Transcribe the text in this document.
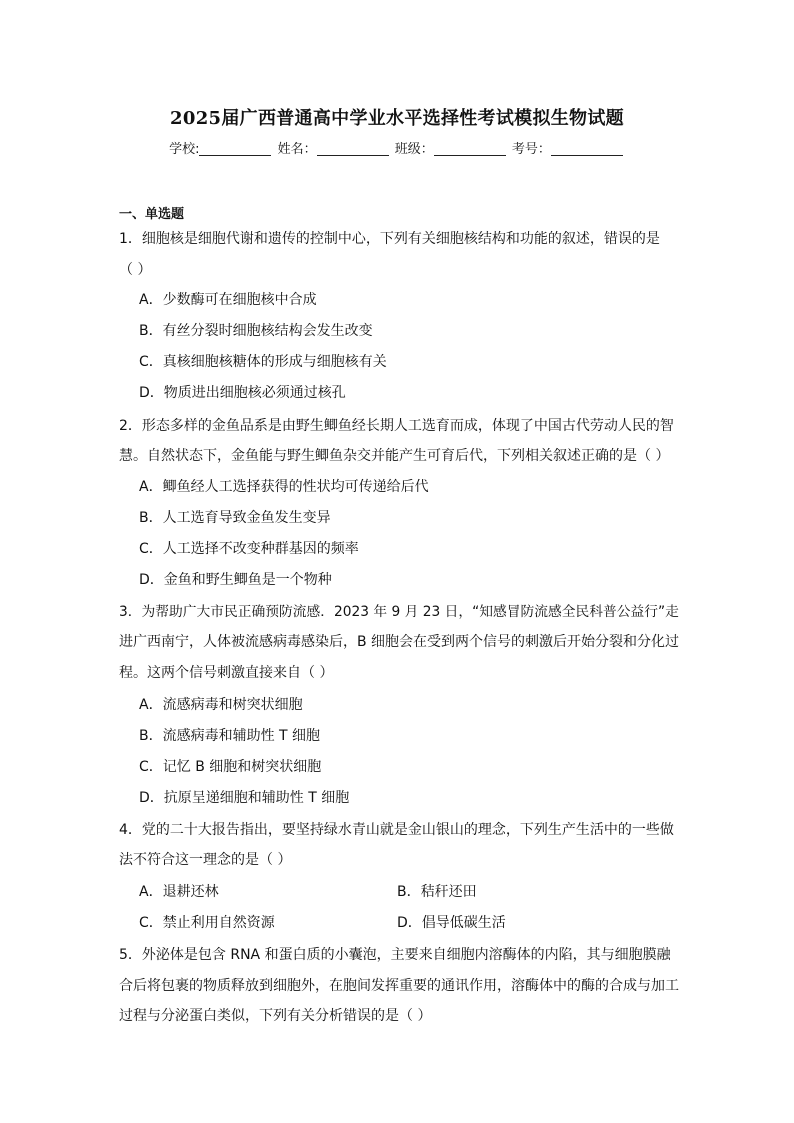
2025届广西普通高中学业水平选择性考试模拟生物试题
学校:	姓名：	班级：	考号：
一、单选题
1．细胞核是细胞代谢和遗传的控制中心，下列有关细胞核结构和功能的叙述，错误的是
（ ）
A．少数酶可在细胞核中合成
B．有丝分裂时细胞核结构会发生改变
C．真核细胞核糖体的形成与细胞核有关
D．物质进出细胞核必须通过核孔
2．形态多样的金鱼品系是由野生鲫鱼经长期人工选育而成，体现了中国古代劳动人民的智
慧。自然状态下，金鱼能与野生鲫鱼杂交并能产生可育后代，下列相关叙述正确的是（ ）
A．鲫鱼经人工选择获得的性状均可传递给后代
B．人工选育导致金鱼发生变异
C．人工选择不改变种群基因的频率
D．金鱼和野生鲫鱼是一个物种
3．为帮助广大市民正确预防流感．2023 年 9 月 23 日，“知感冒防流感全民科普公益行”走
进广西南宁，人体被流感病毒感染后，B 细胞会在受到两个信号的刺激后开始分裂和分化过
程。这两个信号刺激直接来自（ ）
A．流感病毒和树突状细胞
B．流感病毒和辅助性 T 细胞
C．记忆 B 细胞和树突状细胞
D．抗原呈递细胞和辅助性 T 细胞
4．党的二十大报告指出，要坚持绿水青山就是金山银山的理念，下列生产生活中的一些做
法不符合这一理念的是（ ）
A．退耕还林	B．秸秆还田
C．禁止利用自然资源	D．倡导低碳生活
5．外泌体是包含 RNA 和蛋白质的小囊泡，主要来自细胞内溶酶体的内陷，其与细胞膜融
合后将包裹的物质释放到细胞外，在胞间发挥重要的通讯作用，溶酶体中的酶的合成与加工
过程与分泌蛋白类似，下列有关分析错误的是（ ）
